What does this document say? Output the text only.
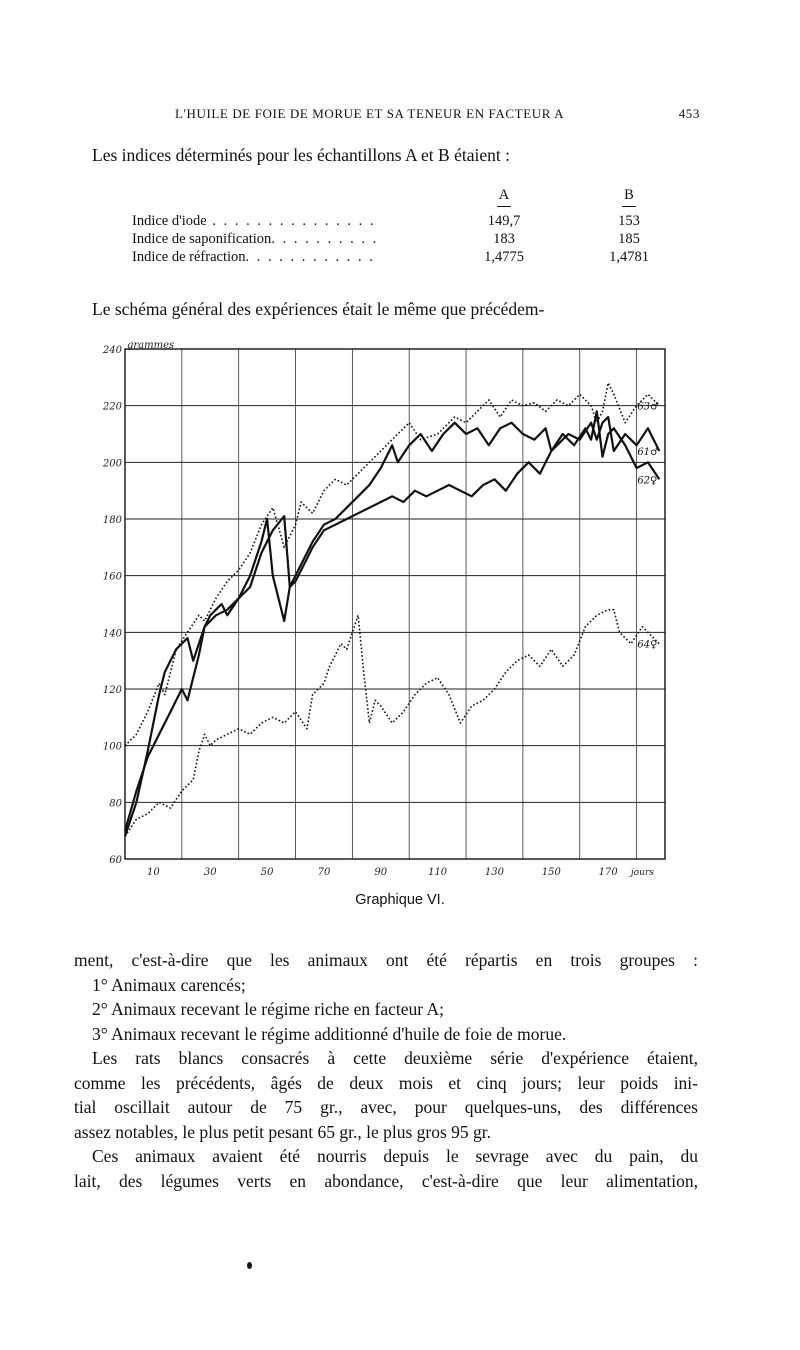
L'HUILE DE FOIE DE MORUE ET SA TENEUR EN FACTEUR A	453
Les indices déterminés pour les échantillons A et B étaient :
	A	B

Indice d'iode . . . . . . . . . . . . . . .	149,7	153
Indice de saponification. . . . . . . . . .	183	185
Indice de réfraction. . . . . . . . . . . .	1,4775	1,4781
Le schéma général des expériences était le même que précédem-
240
220
200
180
160
140
120
100
80
60
grammes
10	30	50	70	90	110	130	150	170 jours
63♂
61♂
62♀
64♀
Graphique VI.
ment, c'est-à-dire que les animaux ont été répartis en trois groupes :
1° Animaux carencés;
2° Animaux recevant le régime riche en facteur A;
3° Animaux recevant le régime additionné d'huile de foie de morue.
Les rats blancs consacrés à cette deuxième série d'expérience étaient,
comme les précédents, âgés de deux mois et cinq jours; leur poids ini-
tial oscillait autour de 75 gr., avec, pour quelques-uns, des différences
assez notables, le plus petit pesant 65 gr., le plus gros 95 gr.
Ces animaux avaient été nourris depuis le sevrage avec du pain, du
lait, des légumes verts en abondance, c'est-à-dire que leur alimentation,
